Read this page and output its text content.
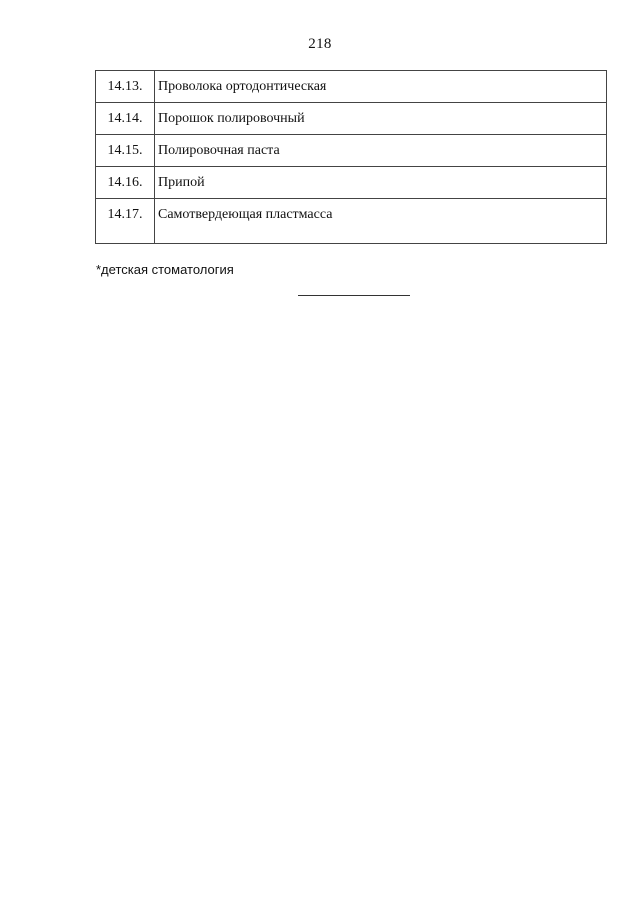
218
14.13.	Проволока ортодонтическая

14.14.	Порошок полировочный

14.15.	Полировочная паста

14.16.	Припой

14.17.	Самотвердеющая пластмасса
*детская стоматология
